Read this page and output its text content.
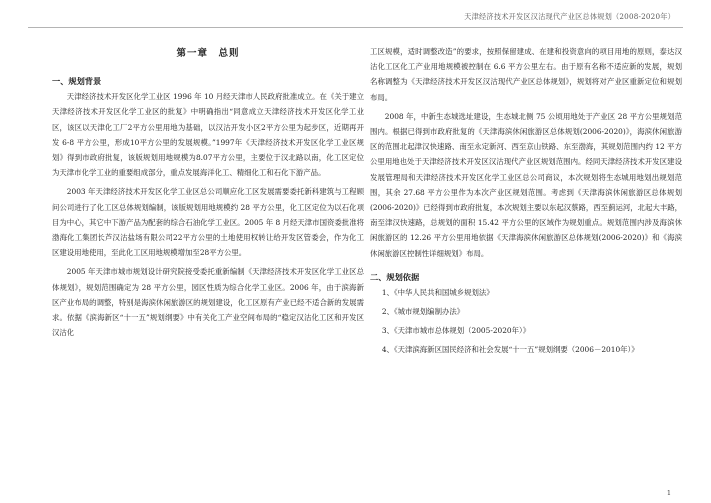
天津经济技术开发区汉沽现代产业区总体规划（2008-2020年）
第一章　总则
一、规划背景

天津经济技术开发区化学工业区 1996 年 10 月经天津市人民政府批准成立。在《关于建立天津经济技术开发区化学工业区的批复》中明确指出“同意成立天津经济技术开发区化学工业区，该区以天津化工厂2平方公里用地为基础，以汉沽开发小区2平方公里为起步区，近期再开发 6-8 平方公里，形成10平方公里的发展规模。”1997年《天津经济技术开发区化学工业区规划》得到市政府批复，该版规划用地规模为8.07平方公里，主要位于汉北路以南，化工区定位为天津市化学工业的重要组成部分，重点发展海洋化工、精细化工和石化下游产品。

2003 年天津经济技术开发区化学工业区总公司顺应化工区发展需要委托新科建筑与工程顾问公司进行了化工区总体规划编制，该版规划用地规模约 28 平方公里，化工区定位为以石化项目为中心，其它中下游产品为配套的综合石油化学工业区。2005 年 8 月经天津市国资委批准将渤海化工集团长芦汉沽盐场有限公司22平方公里的土地使用权转让给开发区管委会，作为化工区建设用地使用，至此化工区用地规模增加至28平方公里。

2005 年天津市城市规划设计研究院接受委托重新编制《天津经济技术开发区化学工业区总体规划》，规划范围确定为 28 平方公里，园区性质为综合化学工业区。2006 年，由于滨海新区产业布局的调整，特别是海滨休闲旅游区的规划建设，化工区原有产业已经不适合新的发展需求。依据《滨海新区“十一五”规划纲要》中有关化工产业空间布局的“稳定汉沽化工区和开发区汉沽化

工区规模，适时调整改造”的要求，按照保留建成、在建和投资意向的项目用地的原则，泰达汉沽化工区化工产业用地规模被控制在 6.6 平方公里左右。由于原有名称不适应新的发展，规划名称调整为《天津经济技术开发区汉沽现代产业区总体规划》，规划将对产业区重新定位和规划布局。

2008 年，中新生态城选址建设，生态城北侧 75 公顷用地处于产业区 28 平方公里规划范围内。根据已得到市政府批复的《天津海滨休闲旅游区总体规划(2006-2020)》，海滨休闲旅游区的范围北起津汉快速路、南至永定新河、西至京山铁路、东至渤海，其规划范围内约 12 平方公里用地也处于天津经济技术开发区汉沽现代产业区规划范围内。经同天津经济技术开发区建设发展管理局和天津经济技术开发区化学工业区总公司商议，本次规划将生态城用地划出规划范围，其余 27.68 平方公里作为本次产业区规划范围。考虑到《天津海滨休闲旅游区总体规划(2006-2020)》已经得到市政府批复，本次规划主要以东起汉蔡路，西至蓟运河，北起大丰路，南至津汉快速路，总规划的面积 15.42 平方公里的区域作为规划重点。规划范围内涉及海滨休闲旅游区的 12.26 平方公里用地依据《天津海滨休闲旅游区总体规划(2006-2020)》和《海滨休闲旅游区控制性详细规划》布局。

二、规划依据

1、《中华人民共和国城乡规划法》

2、《城市规划编制办法》

3、《天津市城市总体规划（2005-2020年）》

4、《天津滨海新区国民经济和社会发展“十一五”规划纲要（2006－2010年）》

1
